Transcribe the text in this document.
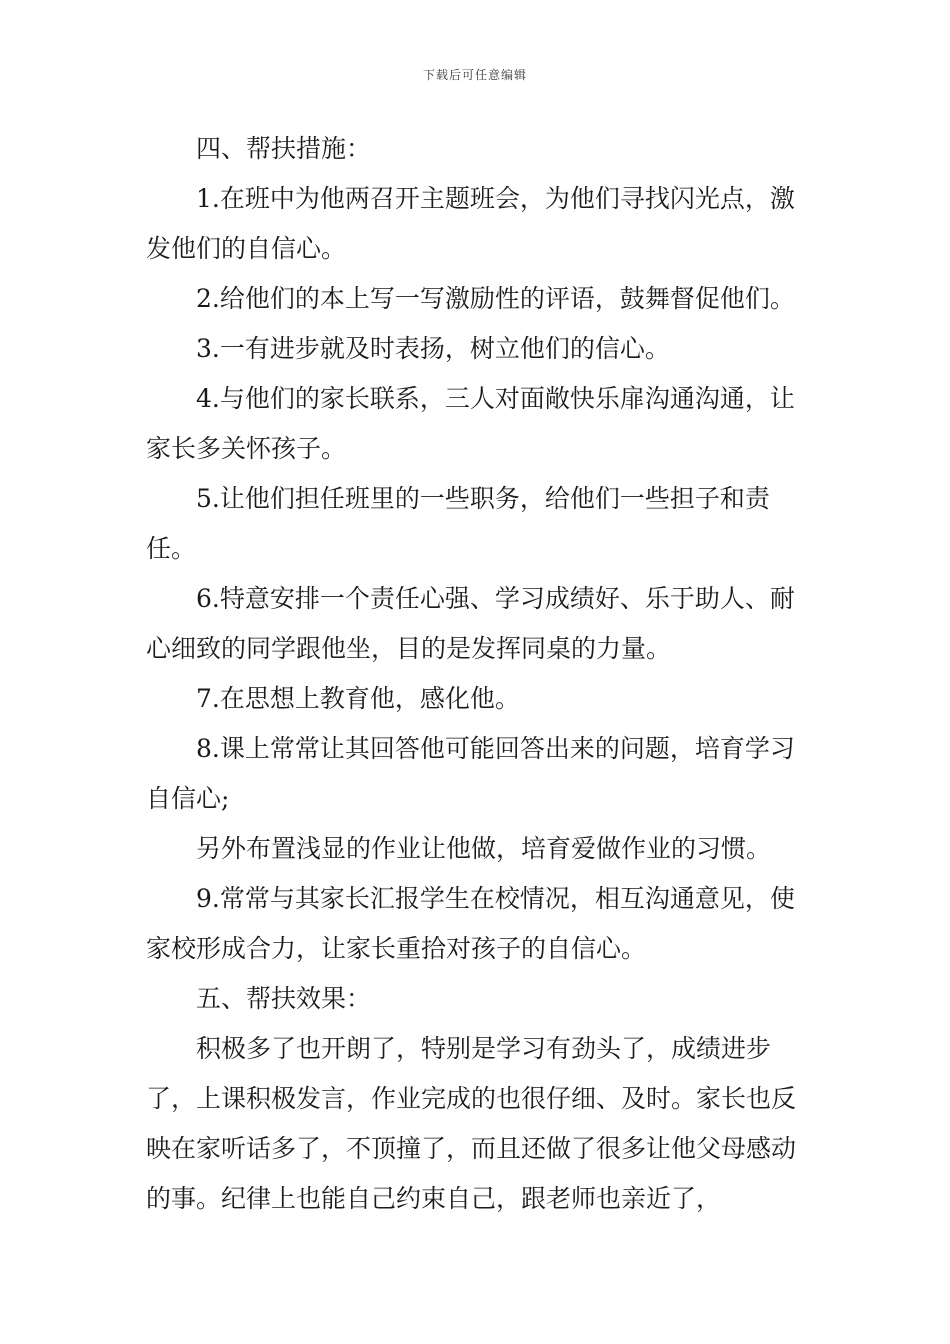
下载后可任意编辑

四、帮扶措施：

1.在班中为他两召开主题班会，为他们寻找闪光点，激发他们的自信心。

2.给他们的本上写一写激励性的评语，鼓舞督促他们。

3.一有进步就及时表扬，树立他们的信心。

4.与他们的家长联系，三人对面敞快乐扉沟通沟通，让家长多关怀孩子。

5.让他们担任班里的一些职务，给他们一些担子和责任。

6.特意安排一个责任心强、学习成绩好、乐于助人、耐心细致的同学跟他坐，目的是发挥同桌的力量。

7.在思想上教育他，感化他。

8.课上常常让其回答他可能回答出来的问题，培育学习自信心;

另外布置浅显的作业让他做，培育爱做作业的习惯。

9.常常与其家长汇报学生在校情况，相互沟通意见，使家校形成合力，让家长重拾对孩子的自信心。

五、帮扶效果：

积极多了也开朗了，特别是学习有劲头了，成绩进步了，上课积极发言，作业完成的也很仔细、及时。家长也反映在家听话多了，不顶撞了，而且还做了很多让他父母感动的事。纪律上也能自己约束自己，跟老师也亲近了，
